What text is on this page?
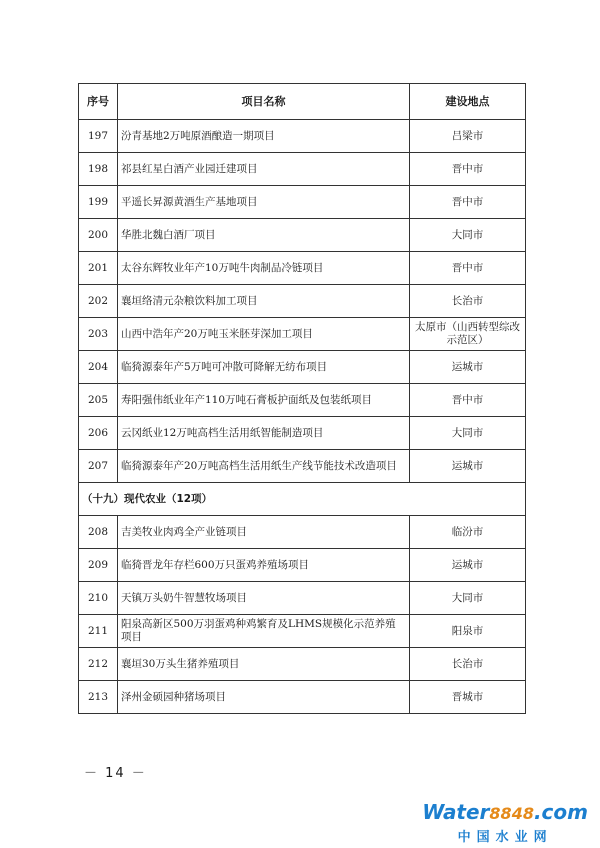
序号	项目名称	建设地点
197	汾青基地2万吨原酒酿造一期项目	吕梁市
198	祁县红星白酒产业园迁建项目	晋中市
199	平遥长昇源黄酒生产基地项目	晋中市
200	华胜北魏白酒厂项目	大同市
201	太谷东辉牧业年产10万吨牛肉制品冷链项目	晋中市
202	襄垣络清元杂粮饮料加工项目	长治市
203	山西中浩年产20万吨玉米胚芽深加工项目	太原市（山西转型综改示范区）
204	临猗源泰年产5万吨可冲散可降解无纺布项目	运城市
205	寿阳强伟纸业年产110万吨石膏板护面纸及包装纸项目	晋中市
206	云冈纸业12万吨高档生活用纸智能制造项目	大同市
207	临猗源泰年产20万吨高档生活用纸生产线节能技术改造项目	运城市
（十九）现代农业（12项）		
208	吉美牧业肉鸡全产业链项目	临汾市
209	临猗晋龙年存栏600万只蛋鸡养殖场项目	运城市
210	天镇万头奶牛智慧牧场项目	大同市
211	阳泉高新区500万羽蛋鸡种鸡繁育及LHMS规模化示范养殖项目	阳泉市
212	襄垣30万头生猪养殖项目	长治市
213	泽州金硕园种猪场项目	晋城市
－ 14 －
Water8848.com
中国水业网
